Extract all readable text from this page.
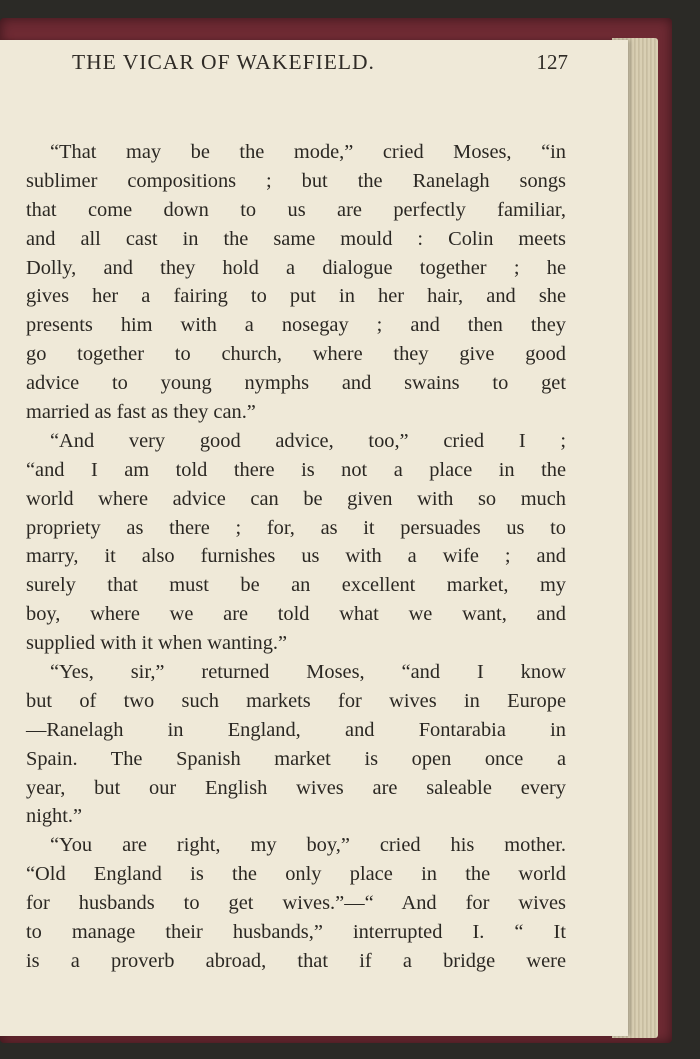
THE VICAR OF WAKEFIELD.	127
“That may be the mode,” cried Moses, “in
sublimer compositions ; but the Ranelagh songs
that come down to us are perfectly familiar,
and all cast in the same mould : Colin meets
Dolly, and they hold a dialogue together ; he
gives her a fairing to put in her hair, and she
presents him with a nosegay ; and then they
go together to church, where they give good
advice to young nymphs and swains to get
married as fast as they can.”
“And very good advice, too,” cried I ;
“and I am told there is not a place in the
world where advice can be given with so much
propriety as there ; for, as it persuades us to
marry, it also furnishes us with a wife ; and
surely that must be an excellent market, my
boy, where we are told what we want, and
supplied with it when wanting.”
“Yes, sir,” returned Moses, “and I know
but of two such markets for wives in Europe
—Ranelagh in England, and Fontarabia in
Spain. The Spanish market is open once a
year, but our English wives are saleable every
night.”
“You are right, my boy,” cried his mother.
“Old England is the only place in the world
for husbands to get wives.”—“ And for wives
to manage their husbands,” interrupted I. “ It
is a proverb abroad, that if a bridge were
